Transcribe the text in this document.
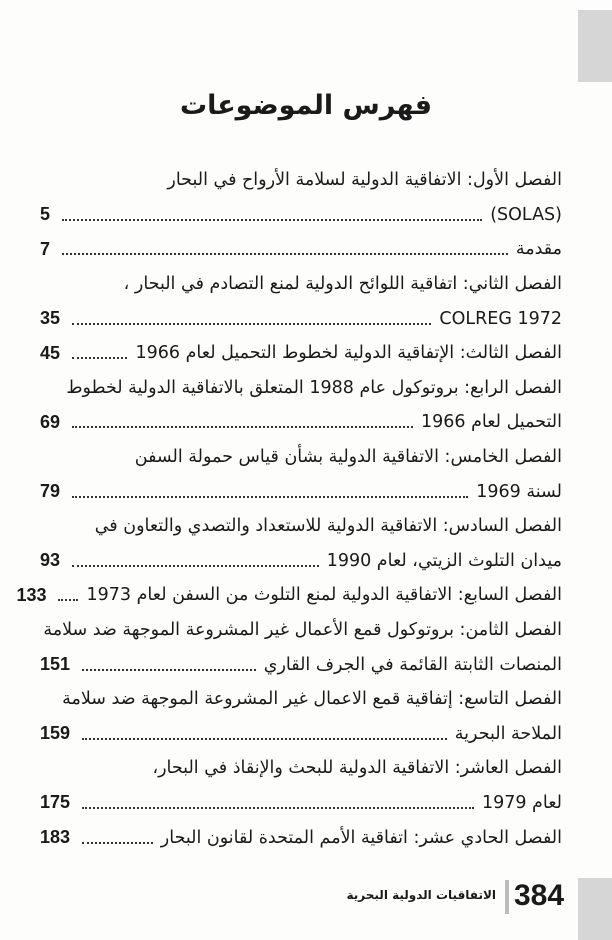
فهرس الموضوعات
الفصل الأول: الاتفاقية الدولية لسلامة الأرواح في البحار
(SOLAS)
5
مقدمة
7
الفصل الثاني: اتفاقية اللوائح الدولية لمنع التصادم في البحار ،
COLREG 1972
35
الفصل الثالث: الإتفاقية الدولية لخطوط التحميل لعام 1966
45
الفصل الرابع: بروتوكول عام 1988 المتعلق بالاتفاقية الدولية لخطوط
التحميل لعام 1966
69
الفصل الخامس: الاتفاقية الدولية بشأن قياس حمولة السفن
لسنة 1969
79
الفصل السادس: الاتفاقية الدولية للاستعداد والتصدي والتعاون في
ميدان التلوث الزيتي، لعام 1990
93
الفصل السابع: الاتفاقية الدولية لمنع التلوث من السفن لعام 1973
133
الفصل الثامن: بروتوكول قمع الأعمال غير المشروعة الموجهة ضد سلامة
المنصات الثابتة القائمة في الجرف القاري
151
الفصل التاسع: إتفاقية قمع الاعمال غير المشروعة الموجهة ضد سلامة
الملاحة البحرية
159
الفصل العاشر: الاتفاقية الدولية للبحث والإنقاذ في البحار،
لعام 1979
175
الفصل الحادي عشر: اتفاقية الأمم المتحدة لقانون البحار
183
384
الاتفاقيات الدولية البحرية
